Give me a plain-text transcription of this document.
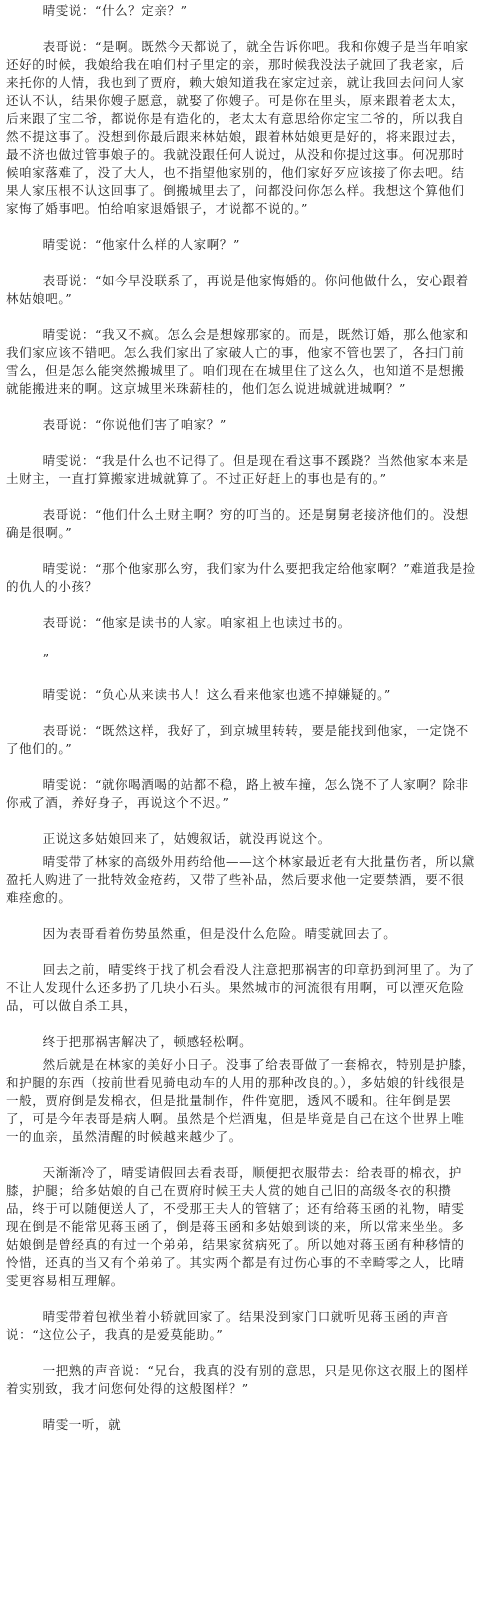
晴雯说：“什么？定亲？”

表哥说：“是啊。既然今天都说了，就全告诉你吧。我和你嫂子是当年咱家还好的时候，我娘给我在咱们村子里定的亲，那时候我没法子就回了我老家，后来托你的人情，我也到了贾府，赖大娘知道我在家定过亲，就让我回去问问人家还认不认，结果你嫂子愿意，就娶了你嫂子。可是你在里头，原来跟着老太太，后来跟了宝二爷，都说你是有造化的，老太太有意思给你定宝二爷的，所以我自然不提这事了。没想到你最后跟来林姑娘，跟着林姑娘更是好的，将来跟过去，最不济也做过管事娘子的。我就没跟任何人说过，从没和你提过这事。何况那时候咱家落难了，没了大人，也不指望他家别的，他们家好歹应该接了你去吧。结果人家压根不认这回事了。倒搬城里去了，问都没问你怎么样。我想这个算他们家悔了婚事吧。怕给咱家退婚银子，才说都不说的。”

晴雯说：“他家什么样的人家啊？”

表哥说：“如今早没联系了，再说是他家悔婚的。你问他做什么，安心跟着林姑娘吧。”

晴雯说：“我又不疯。怎么会是想嫁那家的。而是，既然订婚，那么他家和我们家应该不错吧。怎么我们家出了家破人亡的事，他家不管也罢了，各扫门前雪么，但是怎么能突然搬城里了。咱们现在在城里住了这么久，也知道不是想搬就能搬进来的啊。这京城里米珠薪桂的，他们怎么说进城就进城啊？”

表哥说：“你说他们害了咱家？”

晴雯说：“我是什么也不记得了。但是现在看这事不蹊跷？当然他家本来是土财主，一直打算搬家进城就算了。不过正好赶上的事也是有的。”

表哥说：“他们什么土财主啊？穷的叮当的。还是舅舅老接济他们的。没想确是很啊。”

晴雯说：“那个他家那么穷，我们家为什么要把我定给他家啊？”难道我是捡的仇人的小孩？

表哥说：“他家是读书的人家。咱家祖上也读过书的。

”

晴雯说：“负心从来读书人！这么看来他家也逃不掉嫌疑的。”

表哥说：“既然这样，我好了，到京城里转转，要是能找到他家，一定饶不了他们的。”

晴雯说：“就你喝酒喝的站都不稳，路上被车撞，怎么饶不了人家啊？除非你戒了酒，养好身子，再说这个不迟。”

正说这多姑娘回来了，姑嫂叙话，就没再说这个。

晴雯带了林家的高级外用药给他——这个林家最近老有大批量伤者，所以黛盈托人购进了一批特效金疮药，又带了些补品，然后要求他一定要禁酒，要不很难痊愈的。

因为表哥看着伤势虽然重，但是没什么危险。晴雯就回去了。

回去之前，晴雯终于找了机会看没人注意把那祸害的印章扔到河里了。为了不让人发现什么还多扔了几块小石头。果然城市的河流很有用啊，可以湮灭危险品，可以做自杀工具，

终于把那祸害解决了，顿感轻松啊。

然后就是在林家的美好小日子。没事了给表哥做了一套棉衣，特别是护膝，和护腿的东西（按前世看见骑电动车的人用的那种改良的。），多姑娘的针线很是一般，贾府倒是发棉衣，但是批量制作，件件宽肥，透风不暖和。往年倒是罢了，可是今年表哥是病人啊。虽然是个烂酒鬼，但是毕竟是自己在这个世界上唯一的血亲，虽然清醒的时候越来越少了。

天渐渐冷了，晴雯请假回去看表哥，顺便把衣服带去：给表哥的棉衣，护膝，护腿；给多姑娘的自己在贾府时候王夫人赏的她自己旧的高级冬衣的积攒品，终于可以随便送人了，不受那王夫人的管辖了；还有给蒋玉函的礼物，晴雯现在倒是不能常见蒋玉函了，倒是蒋玉函和多姑娘到谈的来，所以常来坐坐。多姑娘倒是曾经真的有过一个弟弟，结果家贫病死了。所以她对蒋玉函有种移情的怜惜，还真的当又有个弟弟了。其实两个都是有过伤心事的不幸畸零之人，比晴雯更容易相互理解。

晴雯带着包袱坐着小轿就回家了。结果没到家门口就听见蒋玉函的声音说：“这位公子，我真的是爱莫能助。”

一把熟的声音说：“兄台，我真的没有别的意思，只是见你这衣服上的图样着实别致，我才问您何处得的这般图样？”

晴雯一听，就
